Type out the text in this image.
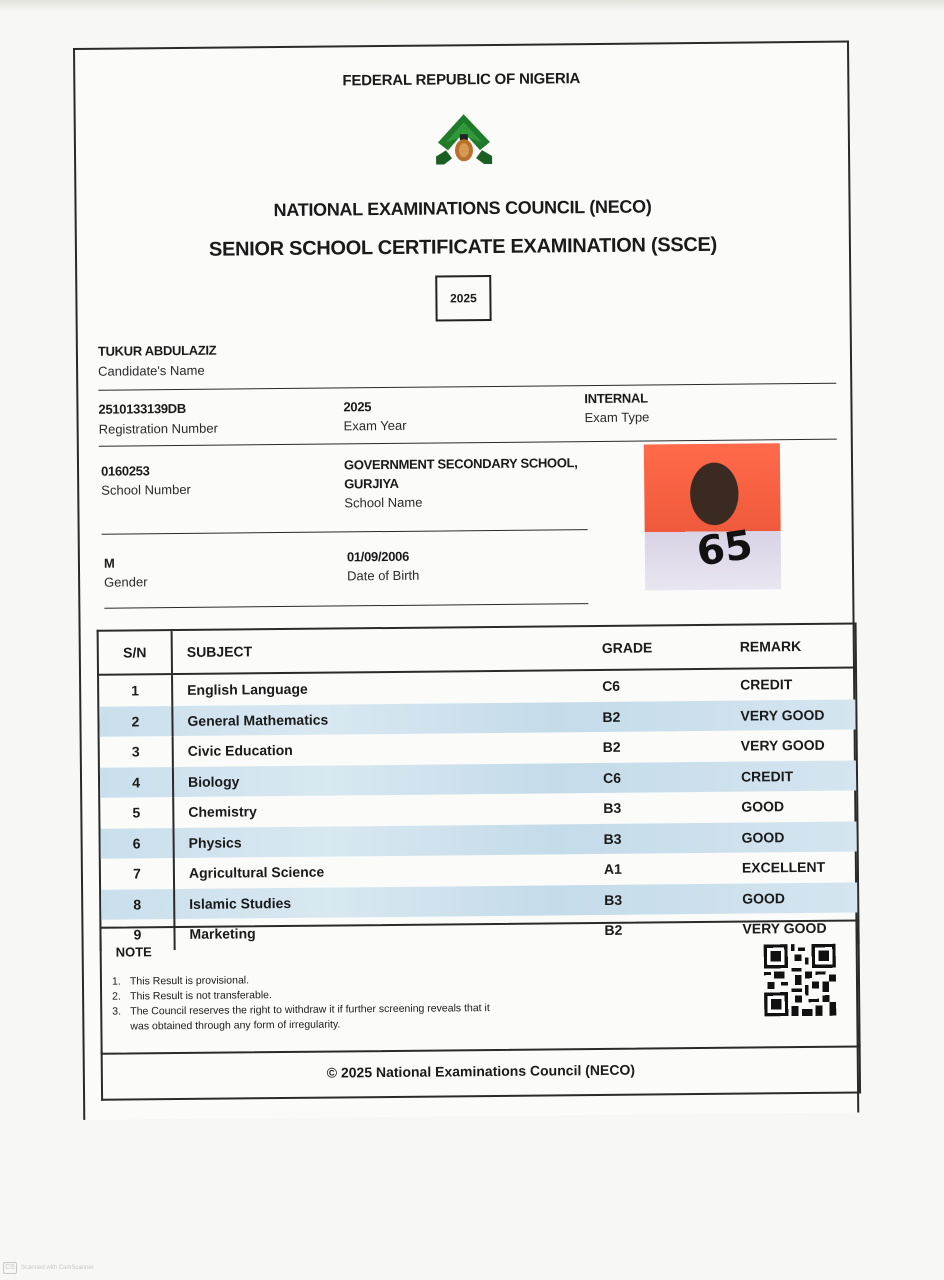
FEDERAL REPUBLIC OF NIGERIA
NATIONAL EXAMINATIONS COUNCIL (NECO)
SENIOR SCHOOL CERTIFICATE EXAMINATION (SSCE)
2025
TUKUR ABDULAZIZ
Candidate's Name
2510133139DB
Registration Number
2025
Exam Year
INTERNAL
Exam Type
0160253
School Number
GOVERNMENT SECONDARY SCHOOL,
GURJIYA
School Name
M
Gender
01/09/2006
Date of Birth	65
S/N	SUBJECT	GRADE	REMARK
1	English Language	C6	CREDIT
2	General Mathematics	B2	VERY GOOD
3	Civic Education	B2	VERY GOOD
4	Biology	C6	CREDIT
5	Chemistry	B3	GOOD
6	Physics	B3	GOOD
7	Agricultural Science	A1	EXCELLENT
8	Islamic Studies	B3	GOOD
9	Marketing	B2	VERY GOOD
NOTE
1. This Result is provisional.
2. This Result is not transferable.
3. The Council reserves the right to withdraw it if further screening reveals that it was obtained through any form of irregularity.
© 2025 National Examinations Council (NECO)
CS	Scanned with CamScanner
